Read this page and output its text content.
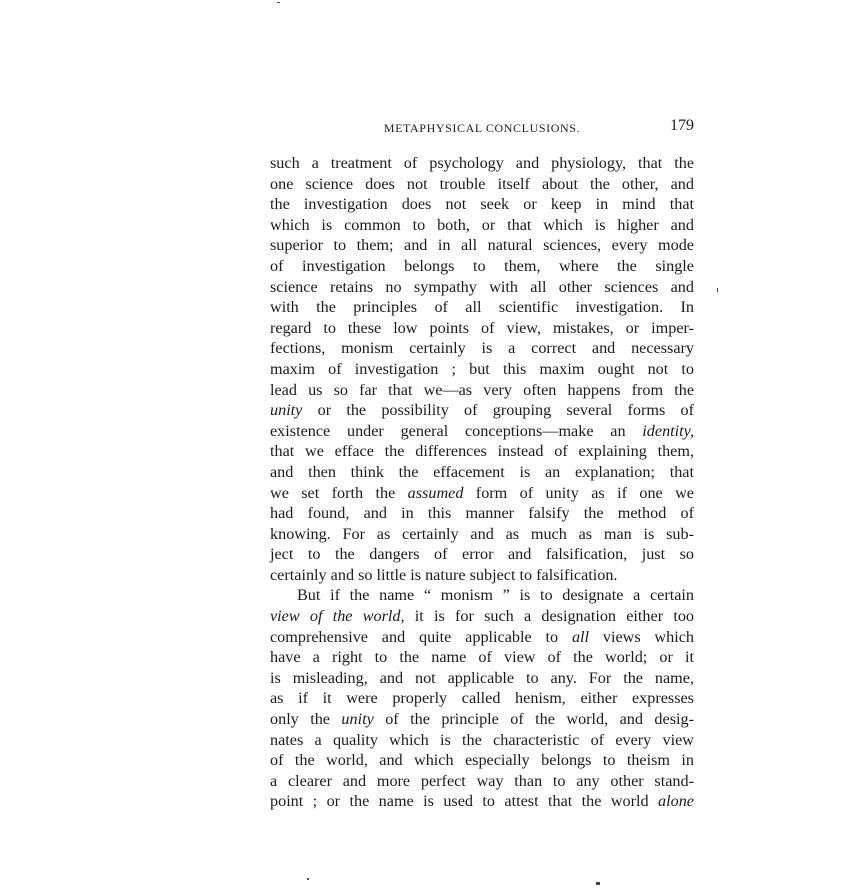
METAPHYSICAL CONCLUSIONS.	179
such a treatment of psychology and physiology, that the
one science does not trouble itself about the other, and
the investigation does not seek or keep in mind that
which is common to both, or that which is higher and
superior to them; and in all natural sciences, every mode
of investigation belongs to them, where the single
science retains no sympathy with all other sciences and
with the principles of all scientific investigation. In
regard to these low points of view, mistakes, or imper-
fections, monism certainly is a correct and necessary
maxim of investigation ; but this maxim ought not to
lead us so far that we—as very often happens from the
unity or the possibility of grouping several forms of
existence under general conceptions—make an identity,
that we efface the differences instead of explaining them,
and then think the effacement is an explanation; that
we set forth the assumed form of unity as if one we
had found, and in this manner falsify the method of
knowing. For as certainly and as much as man is sub-
ject to the dangers of error and falsification, just so
certainly and so little is nature subject to falsification.
But if the name “ monism ” is to designate a certain
view of the world, it is for such a designation either too
comprehensive and quite applicable to all views which
have a right to the name of view of the world; or it
is misleading, and not applicable to any. For the name,
as if it were properly called henism, either expresses
only the unity of the principle of the world, and desig-
nates a quality which is the characteristic of every view
of the world, and which especially belongs to theism in
a clearer and more perfect way than to any other stand-
point ; or the name is used to attest that the world alone
